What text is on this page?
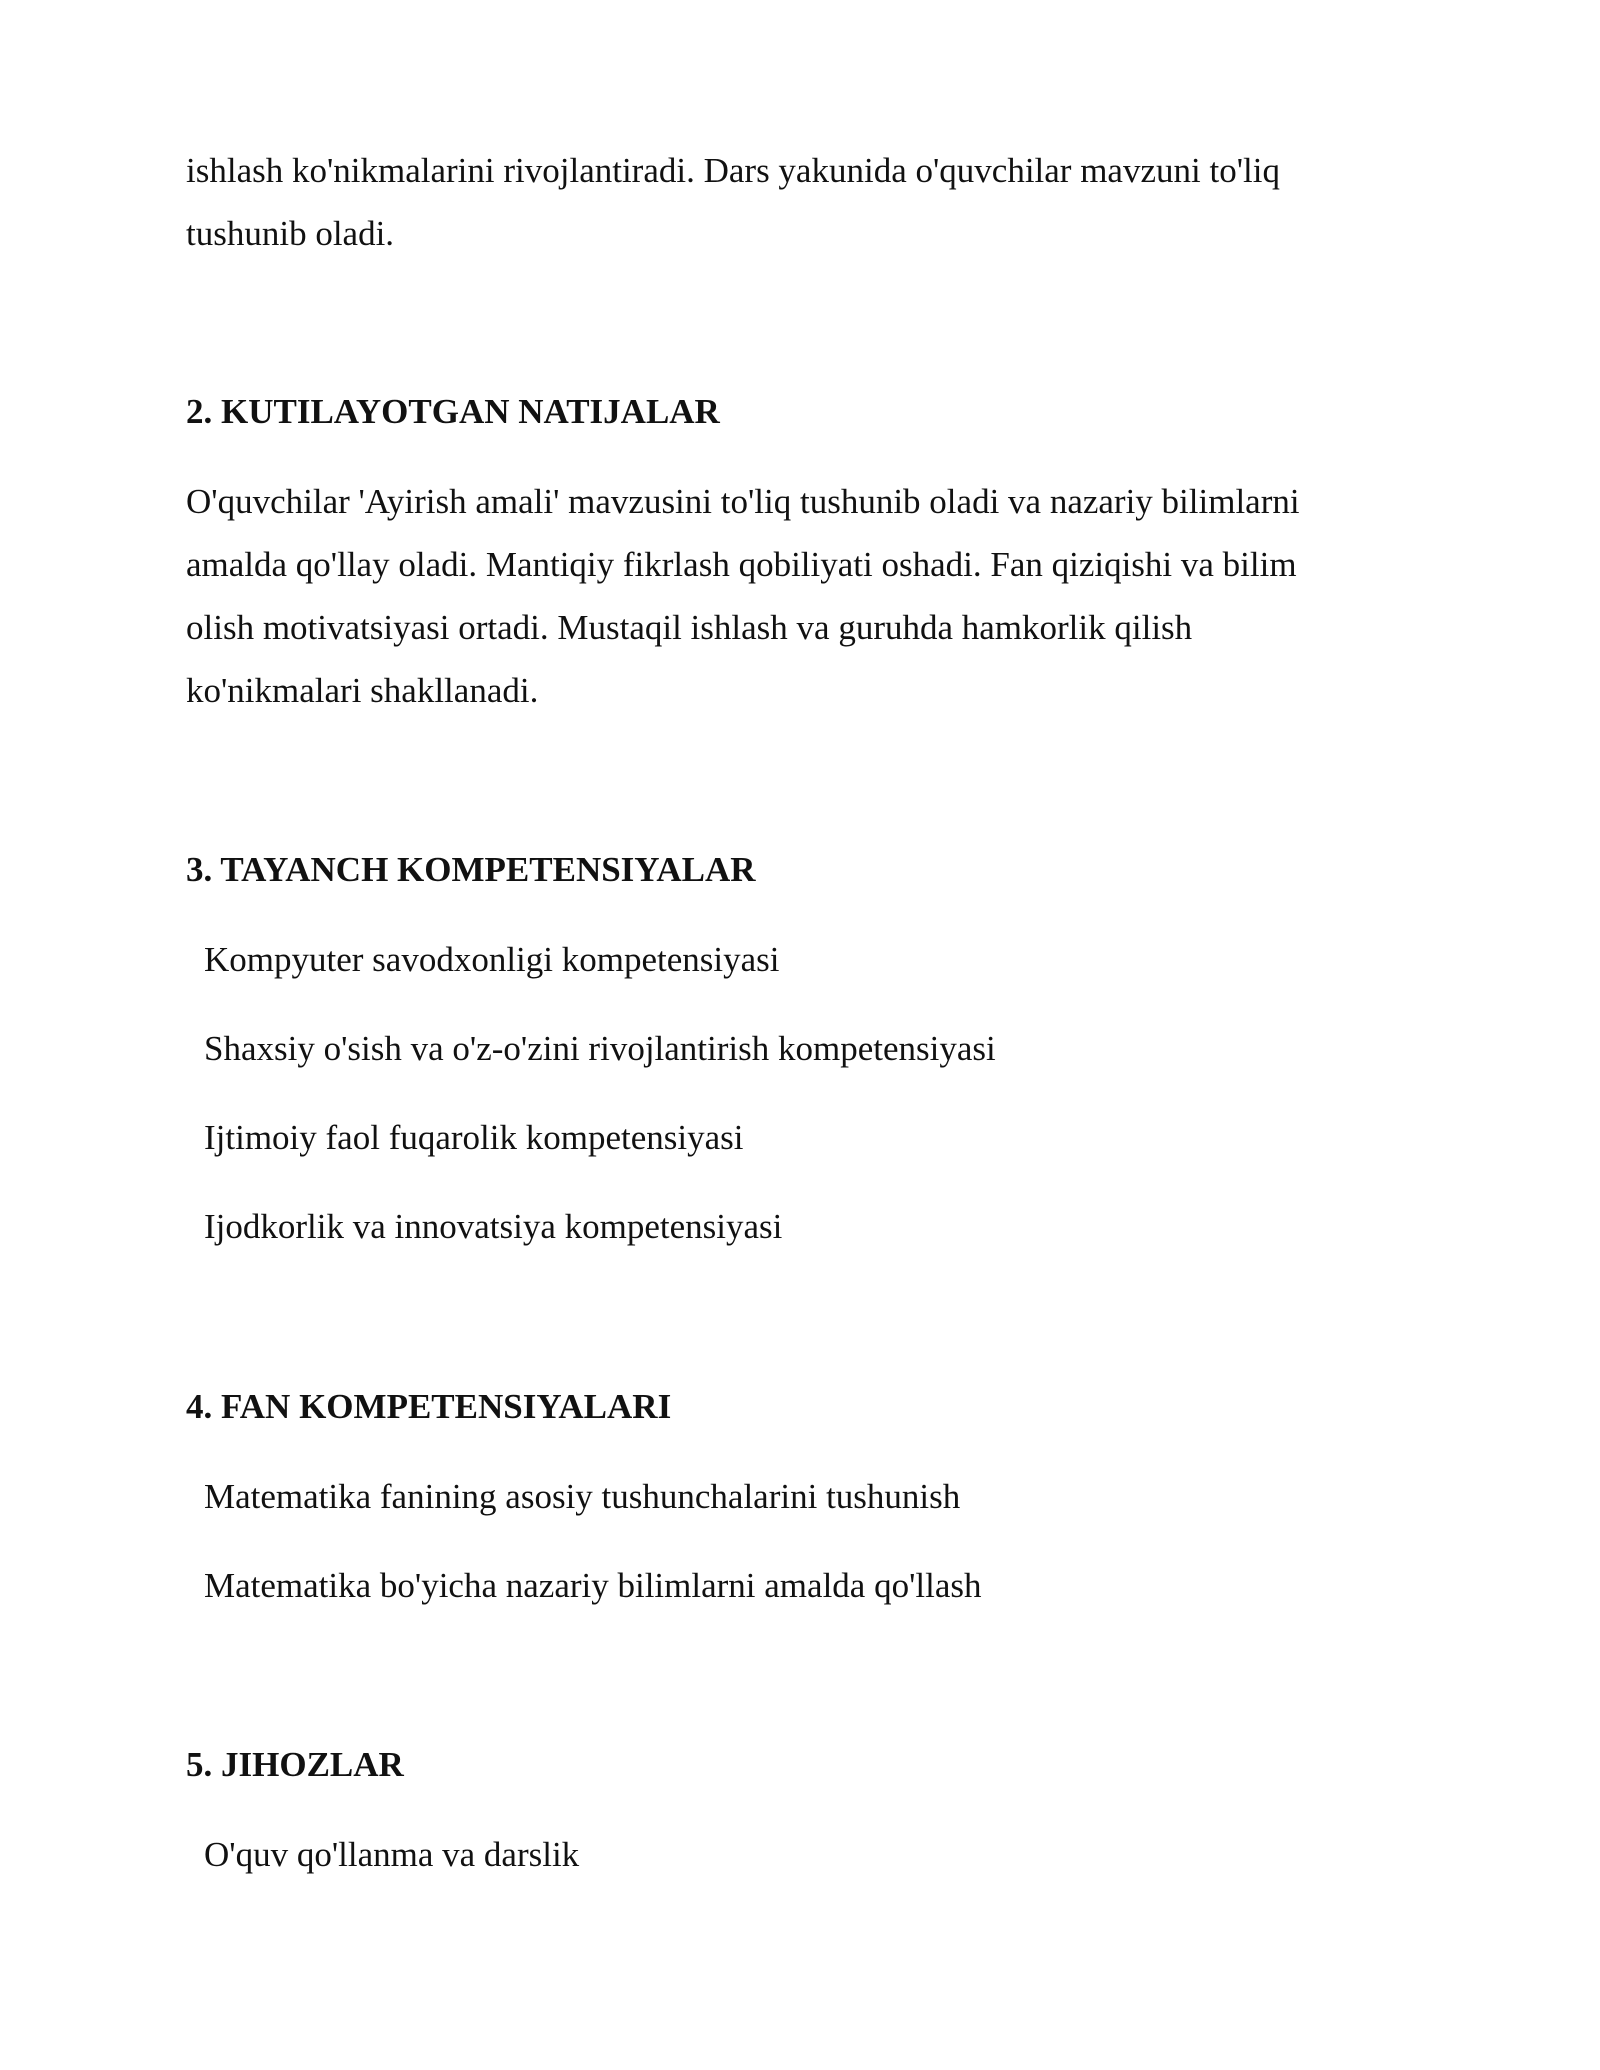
ishlash ko'nikmalarini rivojlantiradi. Dars yakunida o'quvchilar mavzuni to'liq tushunib oladi.

2. KUTILAYOTGAN NATIJALAR

O'quvchilar 'Ayirish amali' mavzusini to'liq tushunib oladi va nazariy bilimlarni amalda qo'llay oladi. Mantiqiy fikrlash qobiliyati oshadi. Fan qiziqishi va bilim olish motivatsiyasi ortadi. Mustaqil ishlash va guruhda hamkorlik qilish ko'nikmalari shakllanadi.

3. TAYANCH KOMPETENSIYALAR

Kompyuter savodxonligi kompetensiyasi

Shaxsiy o'sish va o'z-o'zini rivojlantirish kompetensiyasi

Ijtimoiy faol fuqarolik kompetensiyasi

Ijodkorlik va innovatsiya kompetensiyasi

4. FAN KOMPETENSIYALARI

Matematika fanining asosiy tushunchalarini tushunish

Matematika bo'yicha nazariy bilimlarni amalda qo'llash

5. JIHOZLAR

O'quv qo'llanma va darslik
